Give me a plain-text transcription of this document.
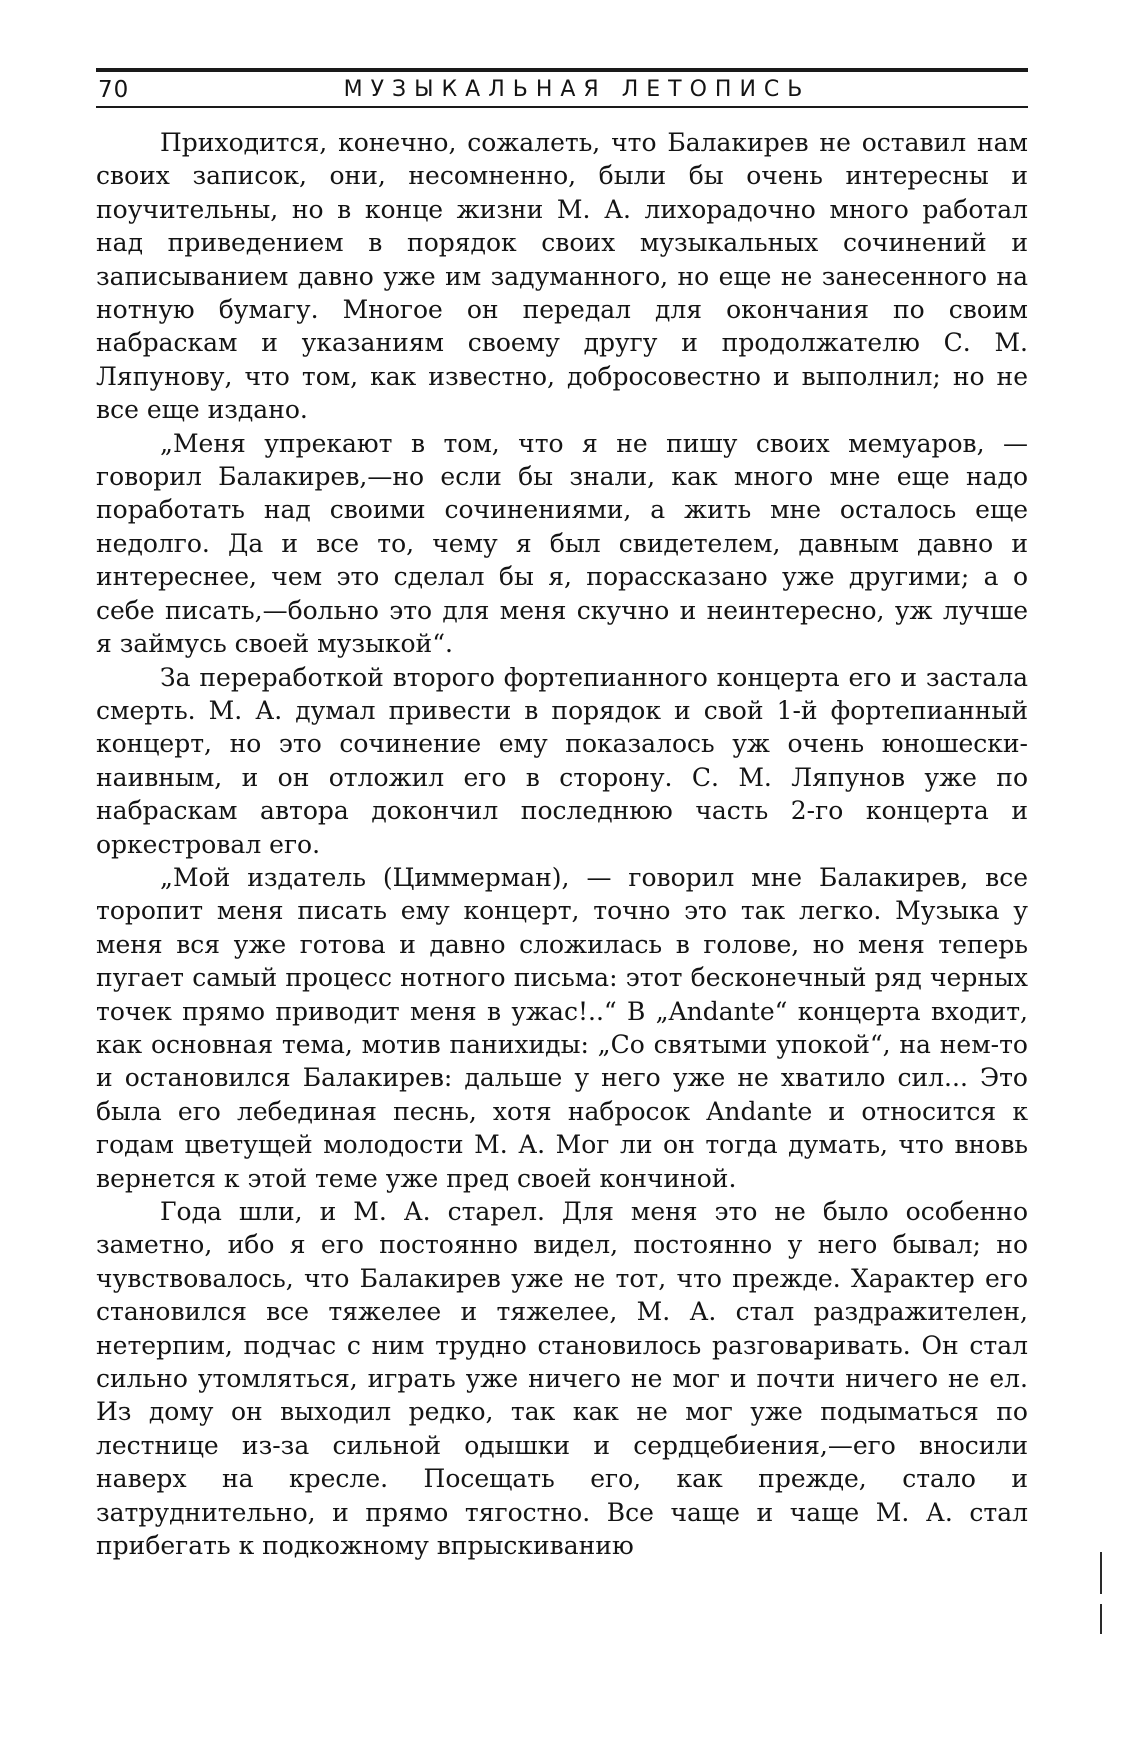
70	МУЗЫКАЛЬНАЯ ЛЕТОПИСЬ

Приходится, конечно, сожалеть, что Балакирев не оставил нам своих записок, они, несомненно, были бы очень интересны и поучительны, но в конце жизни М. А. лихорадочно много работал над приведением в порядок своих музыкальных сочинений и записыванием давно уже им задуманного, но еще не занесенного на нотную бумагу. Многое он передал для окончания по своим набраскам и указаниям своему другу и продолжателю С. М. Ляпунову, что том, как известно, добросовестно и выполнил; но не все еще издано.

„Меня упрекают в том, что я не пишу своих мемуаров, — говорил Балакирев,—но если бы знали, как много мне еще надо поработать над своими сочинениями, а жить мне осталось еще недолго. Да и все то, чему я был свидетелем, давным давно и интереснее, чем это сделал бы я, порассказано уже другими; а о себе писать,—больно это для меня скучно и неинтересно, уж лучше я займусь своей музыкой“.

За переработкой второго фортепианного концерта его и застала смерть. М. А. думал привести в порядок и свой 1-й фортепианный концерт, но это сочинение ему показалось уж очень юношески-наивным, и он отложил его в сторону. С. М. Ляпунов уже по набраскам автора докончил последнюю часть 2-го концерта и оркестровал его.

„Мой издатель (Циммерман), — говорил мне Балакирев, все торопит меня писать ему концерт, точно это так легко. Музыка у меня вся уже готова и давно сложилась в голове, но меня теперь пугает самый процесс нотного письма: этот бесконечный ряд черных точек прямо приводит меня в ужас!..“ В „Andante“ концерта входит, как основная тема, мотив панихиды: „Со святыми упокой“, на нем-то и остановился Балакирев: дальше у него уже не хватило сил... Это была его лебединая песнь, хотя набросок Andante и относится к годам цветущей молодости М. А. Мог ли он тогда думать, что вновь вернется к этой теме уже пред своей кончиной.

Года шли, и М. А. старел. Для меня это не было особенно заметно, ибо я его постоянно видел, постоянно у него бывал; но чувствовалось, что Балакирев уже не тот, что прежде. Характер его становился все тяжелее и тяжелее, М. А. стал раздражителен, нетерпим, подчас с ним трудно становилось разговаривать. Он стал сильно утомляться, играть уже ничего не мог и почти ничего не ел. Из дому он выходил редко, так как не мог уже подыматься по лестнице из-за сильной одышки и сердцебиения,—его вносили наверх на кресле. Посещать его, как прежде, стало и затруднительно, и прямо тягостно. Все чаще и чаще М. А. стал прибегать к подкожному впрыскиванию
